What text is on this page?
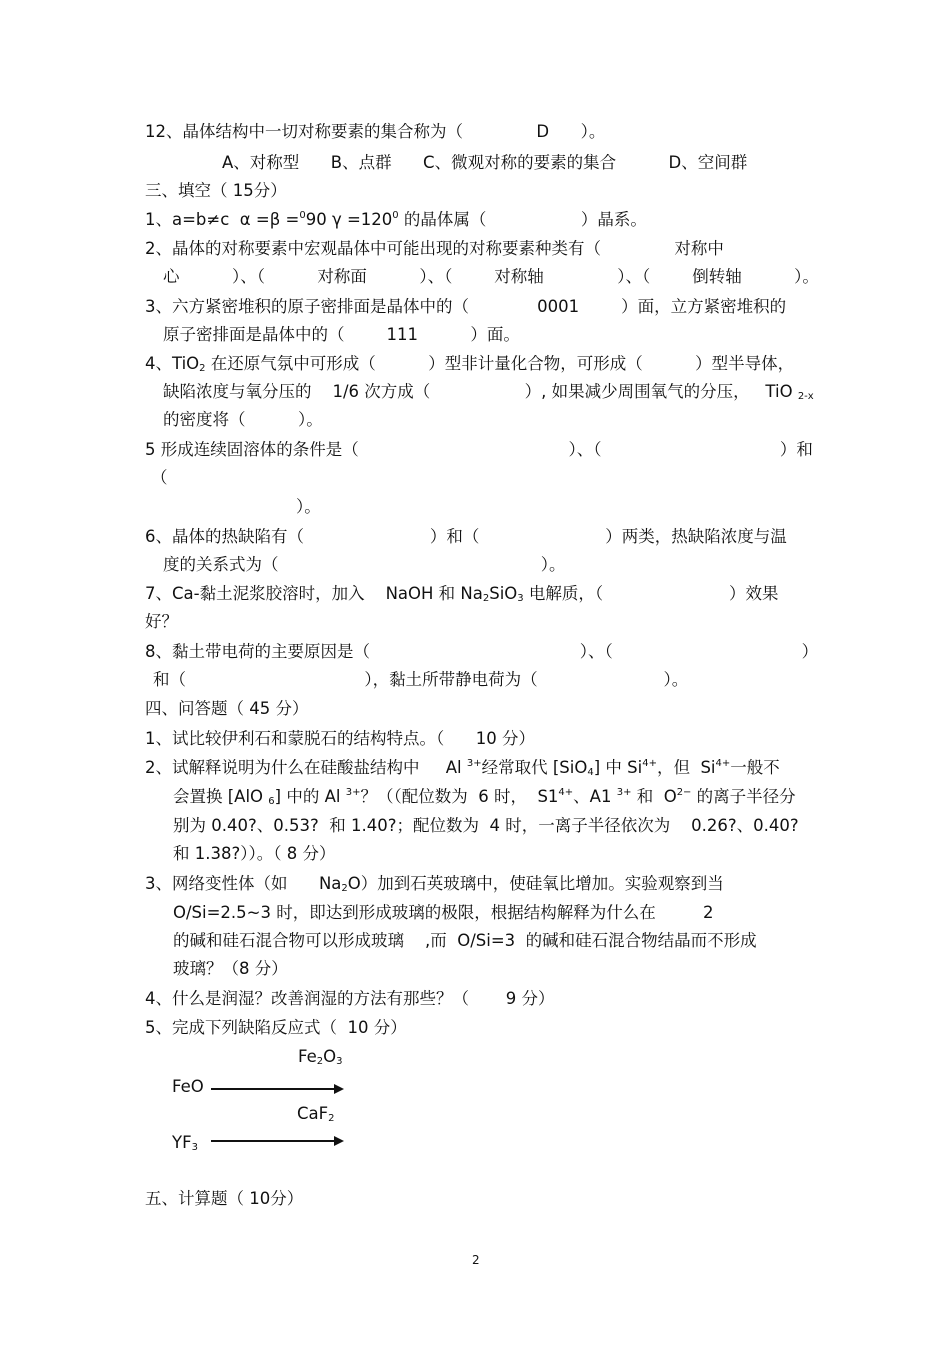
12、晶体结构中一切对称要素的集合称为（              D      ）。
A、对称型      B、点群      C、微观对称的要素的集合          D、空间群
三、填空（ 15分）
1、a=b≠c  α =β =$^0$90 $\gamma =120^0$ 的晶体属（                  ）晶系。
2、晶体的对称要素中宏观晶体中可能出现的对称要素种类有（              对称中
心          ）、（          对称面          ）、（        对称轴              ）、（        倒转轴          ）。
3、六方紧密堆积的原子密排面是晶体中的（             0001        ）面，立方紧密堆积的
原子密排面是晶体中的（        111          ）面。
4、TiO$_2$ 在还原气氛中可形成（          ）型非计量化合物，可形成（          ）型半导体，
缺陷浓度与氧分压的    1/6 次方成（                  ）, 如果减少周围氧气的分压，   TiO $_{2-x}$
的密度将（          ）。
5 形成连续固溶体的条件是（                                        ）、（                                  ）和
（
）。
6、晶体的热缺陷有（                        ）和（                        ）两类，热缺陷浓度与温
度的关系式为（                                                  ）。
7、Ca-黏土泥浆胶溶时，加入    NaOH 和 $Na_2SiO_3$ 电解质，（                        ）效果
好？
8、黏土带电荷的主要原因是（                                        ）、（                                    ）
和（                                  ），黏土所带静电荷为（                        ）。
四、问答题（ 45 分）
1、试比较伊利石和蒙脱石的结构特点。（      10 分）
2、试解释说明为什么在硅酸盐结构中     Al $^{3+}$经常取代 [SiO$_4$] 中 $Si^{4+}$，但  $Si^{4+}$一般不
会置换 [AlO $_6$] 中的 Al $^{3+}$？（（配位数为  6 时，  $S1^{4+}$、A1 $^{3+}$ 和  $O^{2-}$ 的离子半径分
别为 0.40?、0.53?  和 1.40?；配位数为  4 时，一离子半径依次为    0.26?、0.40?
和 1.38?））。（ 8 分）
3、网络变性体（如      $Na_2O$）加到石英玻璃中，使硅氧比增加。实验观察到当
O/Si=2.5~3 时，即达到形成玻璃的极限，根据结构解释为什么在         2
的碱和硅石混合物可以形成玻璃    ,而  O/Si=3  的碱和硅石混合物结晶而不形成
玻璃？（8 分）
4、什么是润湿？改善润湿的方法有那些？（       9 分）
5、完成下列缺陷反应式（  10 分）
$Fe_2O_3$
FeO
CaF$_2$
$YF_3$
五、计算题（ 10分）
2
